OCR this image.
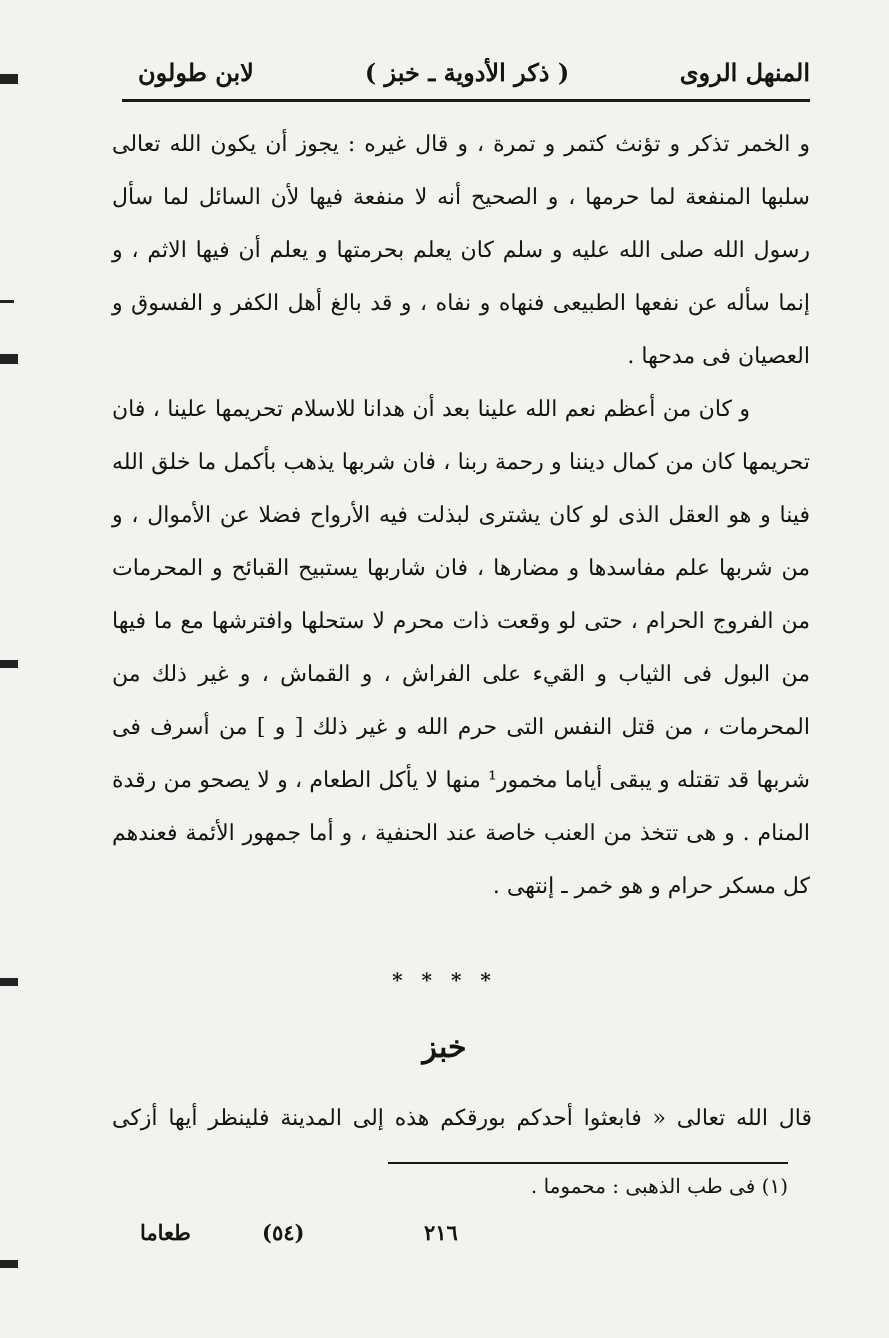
المنهل الروى
( ذكر الأدوية ـ خبز )
لابن طولون

و الخمر تذكر و تؤنث كتمر و تمرة ، و قال غيره : يجوز أن يكون الله تعالى سلبها المنفعة لما حرمها ، و الصحيح أنه لا منفعة فيها لأن السائل لما سأل رسول الله صلى الله عليه و سلم كان يعلم بحرمتها و يعلم أن فيها الاثم ، و إنما سأله عن نفعها الطبيعى فنهاه و نفاه ، و قد بالغ أهل الكفر و الفسوق و العصيان فى مدحها .

و كان من أعظم نعم الله علينا بعد أن هدانا للاسلام تحريمها علينا ، فان تحريمها كان من كمال ديننا و رحمة ربنا ، فان شربها يذهب بأكمل ما خلق الله فينا و هو العقل الذى لو كان يشترى لبذلت فيه الأرواح فضلا عن الأموال ، و من شربها علم مفاسدها و مضارها ، فان شاربها يستبيح القبائح و المحرمات من الفروج الحرام ، حتى لو وقعت ذات محرم لا ستحلها وافترشها مع ما فيها من البول فى الثياب و القيء على الفراش ، و القماش ، و غير ذلك من المحرمات ، من قتل النفس التى حرم الله و غير ذلك [ و ] من أسرف فى شربها قد تقتله و يبقى أياما مخمور¹ منها لا يأكل الطعام ، و لا يصحو من رقدة المنام . و هى تتخذ من العنب خاصة عند الحنفية ، و أما جمهور الأئمة فعندهم كل مسكر حرام و هو خمر ـ إنتهى .

* * * *
خبز
قال الله تعالى « فابعثوا أحدكم بورقكم هذه إلى المدينة فلينظر أيها أزكى
(١) فى طب الذهبى : محموما .
٢١٦
(٥٤)
طعاما
